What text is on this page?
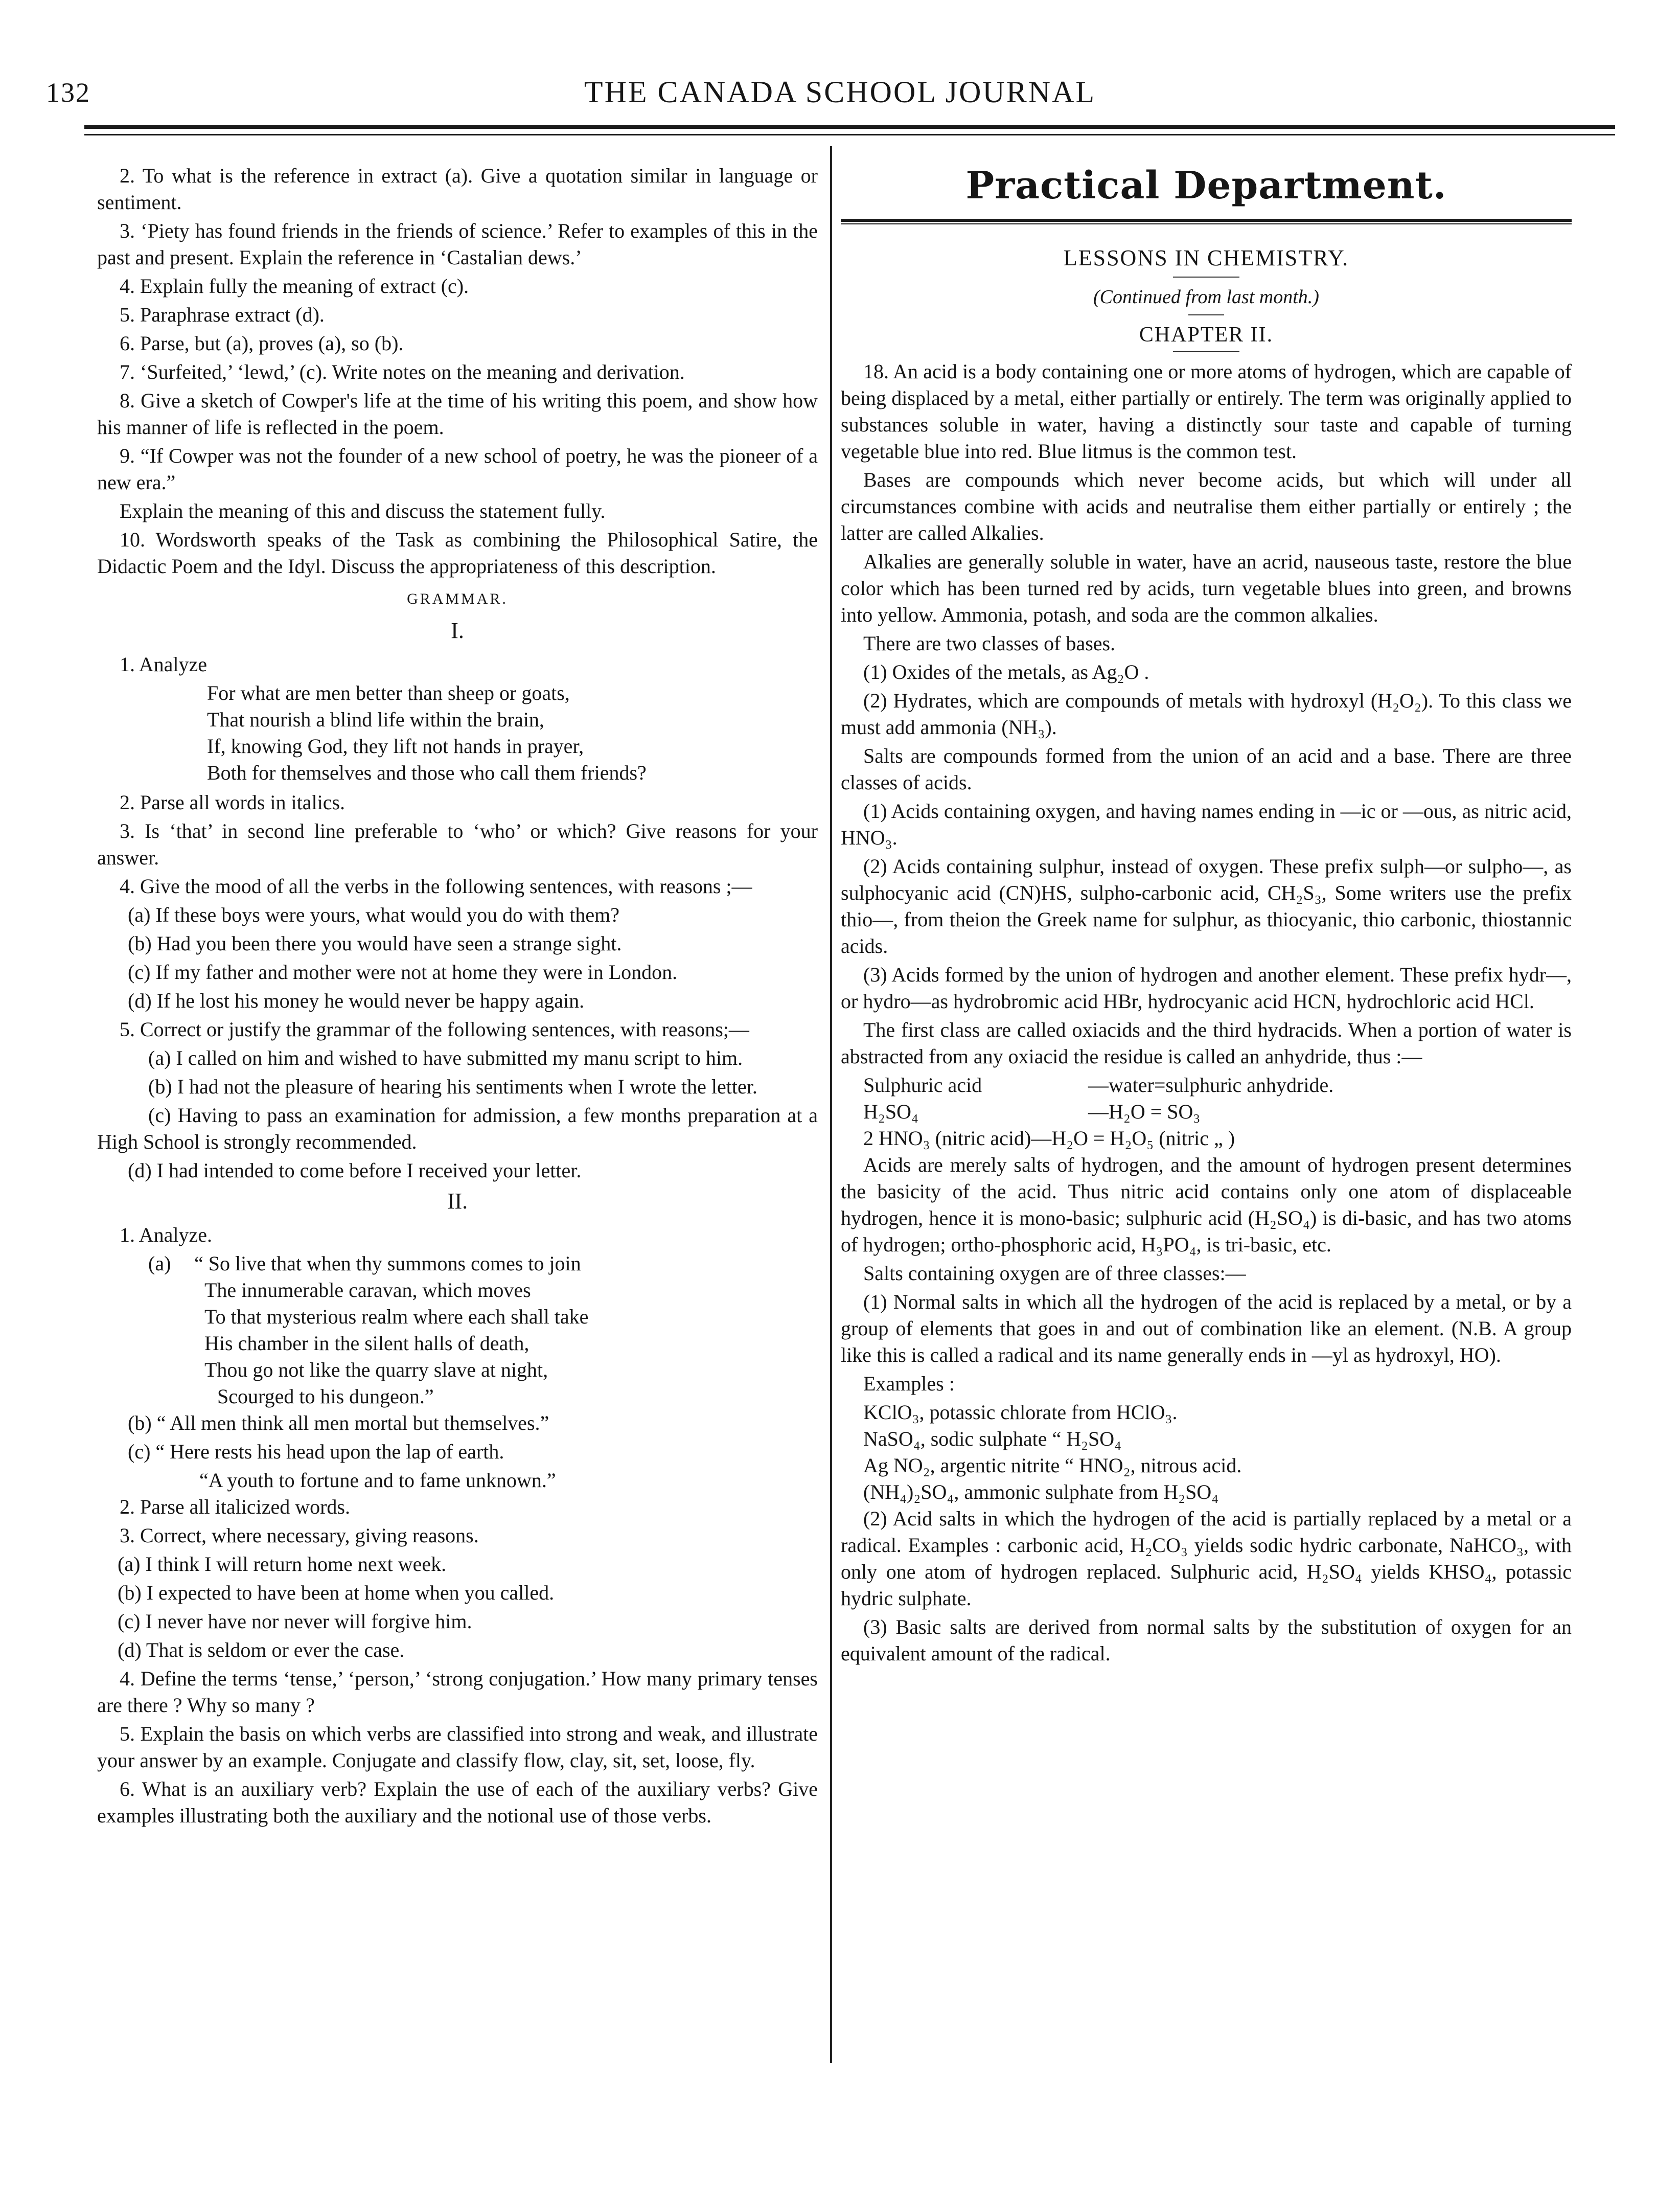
132	THE CANADA SCHOOL JOURNAL

2. To what is the reference in extract (a). Give a quotation similar in language or sentiment.

3. ‘Piety has found friends in the friends of science.’ Refer to examples of this in the past and present. Explain the reference in ‘Castalian dews.’

4. Explain fully the meaning of extract (c).

5. Paraphrase extract (d).

6. Parse, but (a), proves (a), so (b).

7. ‘Surfeited,’ ‘lewd,’ (c). Write notes on the meaning and derivation.

8. Give a sketch of Cowper's life at the time of his writing this poem, and show how his manner of life is reflected in the poem.

9. “If Cowper was not the founder of a new school of poetry, he was the pioneer of a new era.”

Explain the meaning of this and discuss the statement fully.

10. Wordsworth speaks of the Task as combining the Philosophical Satire, the Didactic Poem and the Idyl. Discuss the appropriateness of this description.

GRAMMAR.
I.

1. Analyze

For what are men better than sheep or goats,

That nourish a blind life within the brain,

If, knowing God, they lift not hands in prayer,

Both for themselves and those who call them friends?

2. Parse all words in italics.

3. Is ‘that’ in second line preferable to ‘who’ or which? Give reasons for your answer.

4. Give the mood of all the verbs in the following sentences, with reasons ;—

(a) If these boys were yours, what would you do with them?

(b) Had you been there you would have seen a strange sight.

(c) If my father and mother were not at home they were in London.

(d) If he lost his money he would never be happy again.

5. Correct or justify the grammar of the following sentences, with reasons;—

(a) I called on him and wished to have submitted my manu script to him.

(b) I had not the pleasure of hearing his sentiments when I wrote the letter.

(c) Having to pass an examination for admission, a few months preparation at a High School is strongly recommended.

(d) I had intended to come before I received your letter.

II.

1. Analyze.

(a)	“ So live that when thy summons comes to join

The innumerable caravan, which moves

To that mysterious realm where each shall take

His chamber in the silent halls of death,

Thou go not like the quarry slave at night,

Scourged to his dungeon.”

(b) “ All men think all men mortal but themselves.”

(c) “ Here rests his head upon the lap of earth.

“A youth to fortune and to fame unknown.”

2. Parse all italicized words.

3. Correct, where necessary, giving reasons.

(a) I think I will return home next week.

(b) I expected to have been at home when you called.

(c) I never have nor never will forgive him.

(d) That is seldom or ever the case.

4. Define the terms ‘tense,’ ‘person,’ ‘strong conjugation.’ How many primary tenses are there ? Why so many ?

5. Explain the basis on which verbs are classified into strong and weak, and illustrate your answer by an example. Conjugate and classify flow, clay, sit, set, loose, fly.

6. What is an auxiliary verb? Explain the use of each of the auxiliary verbs? Give examples illustrating both the auxiliary and the notional use of those verbs.

Practical Department.
LESSONS IN CHEMISTRY.
(Continued from last month.)
CHAPTER II.

18. An acid is a body containing one or more atoms of hydrogen, which are capable of being displaced by a metal, either partially or entirely. The term was originally applied to substances soluble in water, having a distinctly sour taste and capable of turning vegetable blue into red. Blue litmus is the common test.

Bases are compounds which never become acids, but which will under all circumstances combine with acids and neutralise them either partially or entirely ; the latter are called Alkalies.

Alkalies are generally soluble in water, have an acrid, nauseous taste, restore the blue color which has been turned red by acids, turn vegetable blues into green, and browns into yellow. Ammonia, potash, and soda are the common alkalies.

There are two classes of bases.

(1) Oxides of the metals, as Ag₂O .

(2) Hydrates, which are compounds of metals with hydroxyl (H₂O₂). To this class we must add ammonia (NH₃).

Salts are compounds formed from the union of an acid and a base. There are three classes of acids.

(1) Acids containing oxygen, and having names ending in —ic or —ous, as nitric acid, HNO₃.

(2) Acids containing sulphur, instead of oxygen. These prefix sulph—or sulpho—, as sulphocyanic acid (CN)HS, sulpho-carbonic acid, CH₂S₃, Some writers use the prefix thio—, from theion the Greek name for sulphur, as thiocyanic, thio carbonic, thiostannic acids.

(3) Acids formed by the union of hydrogen and another element. These prefix hydr—, or hydro—as hydrobromic acid HBr, hydrocyanic acid HCN, hydrochloric acid HCl.

The first class are called oxiacids and the third hydracids. When a portion of water is abstracted from any oxiacid the residue is called an anhydride, thus :—

Sulphuric acid	—water=sulphuric anhydride.
H₂SO₄	—H₂O = SO₃
2 HNO₃ (nitric acid)—H₂O = H₂O₅ (nitric „ )

Acids are merely salts of hydrogen, and the amount of hydrogen present determines the basicity of the acid. Thus nitric acid contains only one atom of displaceable hydrogen, hence it is mono-basic; sulphuric acid (H₂SO₄) is di-basic, and has two atoms of hydrogen; ortho-phosphoric acid, H₃PO₄, is tri-basic, etc.

Salts containing oxygen are of three classes:—

(1) Normal salts in which all the hydrogen of the acid is replaced by a metal, or by a group of elements that goes in and out of combination like an element. (N.B. A group like this is called a radical and its name generally ends in —yl as hydroxyl, HO).

Examples :

KClO₃, potassic chlorate from HClO₃.

NaSO₄, sodic sulphate “ H₂SO₄

Ag NO₂, argentic nitrite “ HNO₂, nitrous acid.

(NH₄)₂SO₄, ammonic sulphate from H₂SO₄

(2) Acid salts in which the hydrogen of the acid is partially replaced by a metal or a radical. Examples : carbonic acid, H₂CO₃ yields sodic hydric carbonate, NaHCO₃, with only one atom of hydrogen replaced. Sulphuric acid, H₂SO₄ yields KHSO₄, potassic hydric sulphate.

(3) Basic salts are derived from normal salts by the substitution of oxygen for an equivalent amount of the radical.
